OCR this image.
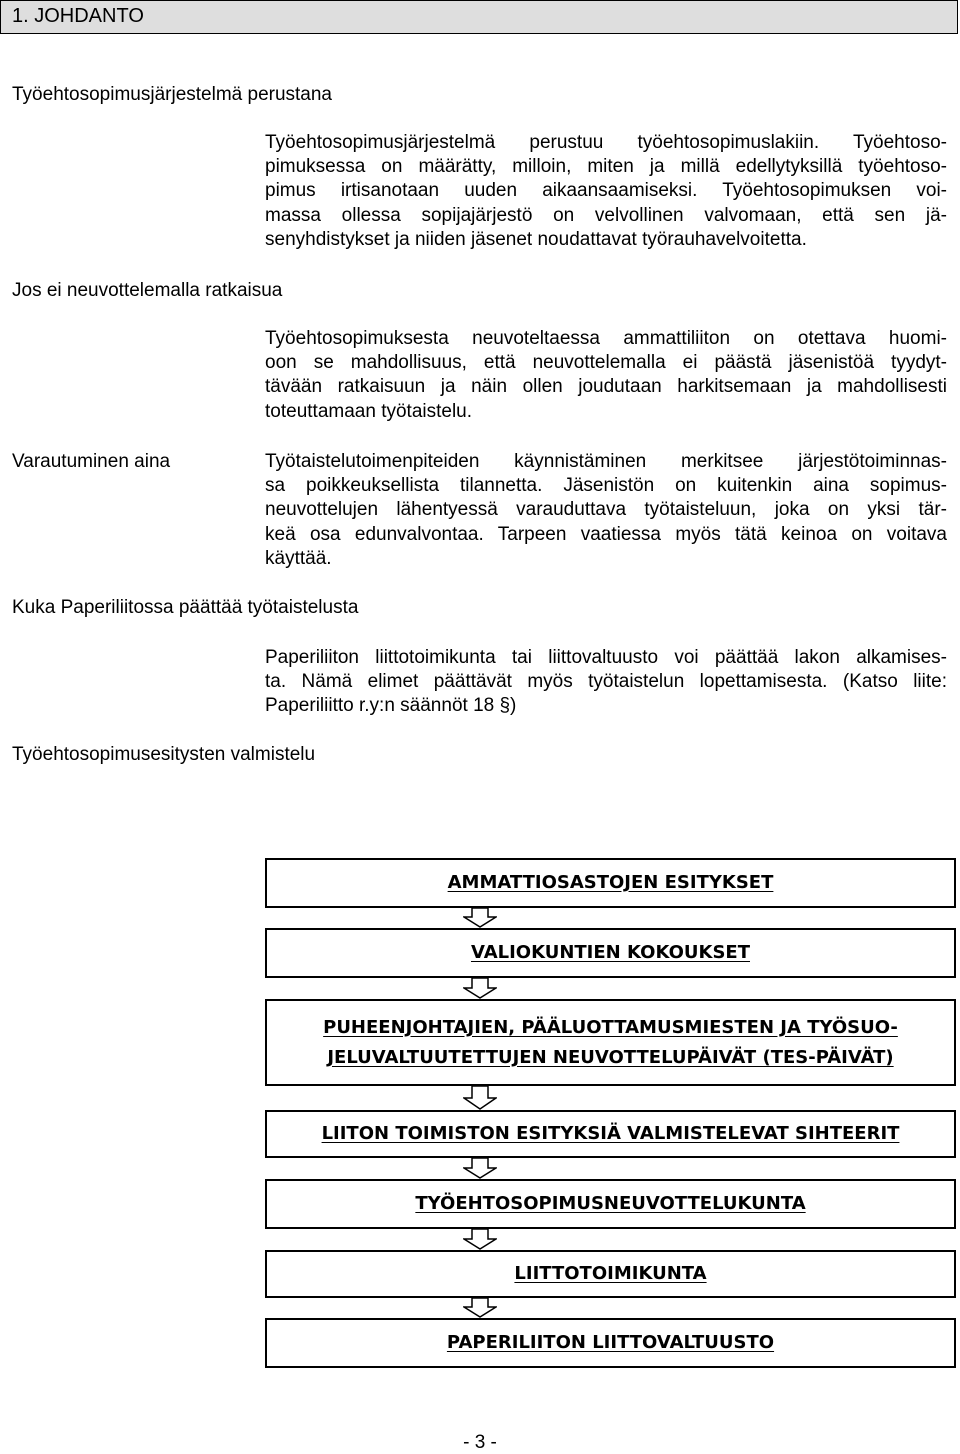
1. JOHDANTO
Työehtosopimusjärjestelmä perustana
Jos ei neuvottelemalla ratkaisua
Varautuminen aina
Kuka Paperiliitossa päättää työtaistelusta
Työehtosopimusesitysten valmistelu
Työehtosopimusjärjestelmä perustuu työehtosopimuslakiin. Työehtoso-
pimuksessa on määrätty, milloin, miten ja millä edellytyksillä työehtoso-
pimus irtisanotaan uuden aikaansaamiseksi. Työehtosopimuksen voi-
massa ollessa sopijajärjestö on velvollinen valvomaan, että sen jä-
senyhdistykset ja niiden jäsenet noudattavat työrauhavelvoitetta.
Työehtosopimuksesta neuvoteltaessa ammattiliiton on otettava huomi-
oon se mahdollisuus, että neuvottelemalla ei päästä jäsenistöä tyydyt-
tävään ratkaisuun ja näin ollen joudutaan harkitsemaan ja mahdollisesti
toteuttamaan työtaistelu.
Työtaistelutoimenpiteiden käynnistäminen merkitsee järjestötoiminnas-
sa poikkeuksellista tilannetta. Jäsenistön on kuitenkin aina sopimus-
neuvottelujen lähentyessä varauduttava työtaisteluun, joka on yksi tär-
keä osa edunvalvontaa. Tarpeen vaatiessa myös tätä keinoa on voitava
käyttää.
Paperiliiton liittotoimikunta tai liittovaltuusto voi päättää lakon alkamises-
ta. Nämä elimet päättävät myös työtaistelun lopettamisesta. (Katso liite:
Paperiliitto r.y:n säännöt 18 §)
AMMATTIOSASTOJEN ESITYKSET
VALIOKUNTIEN KOKOUKSET
PUHEENJOHTAJIEN, PÄÄLUOTTAMUSMIESTEN JA TYÖSUO-
JELUVALTUUTETTUJEN NEUVOTTELUPÄIVÄT (TES-PÄIVÄT)
LIITON TOIMISTON ESITYKSIÄ VALMISTELEVAT SIHTEERIT
TYÖEHTOSOPIMUSNEUVOTTELUKUNTA
LIITTOTOIMIKUNTA
PAPERILIITON LIITTOVALTUUSTO
- 3 -
